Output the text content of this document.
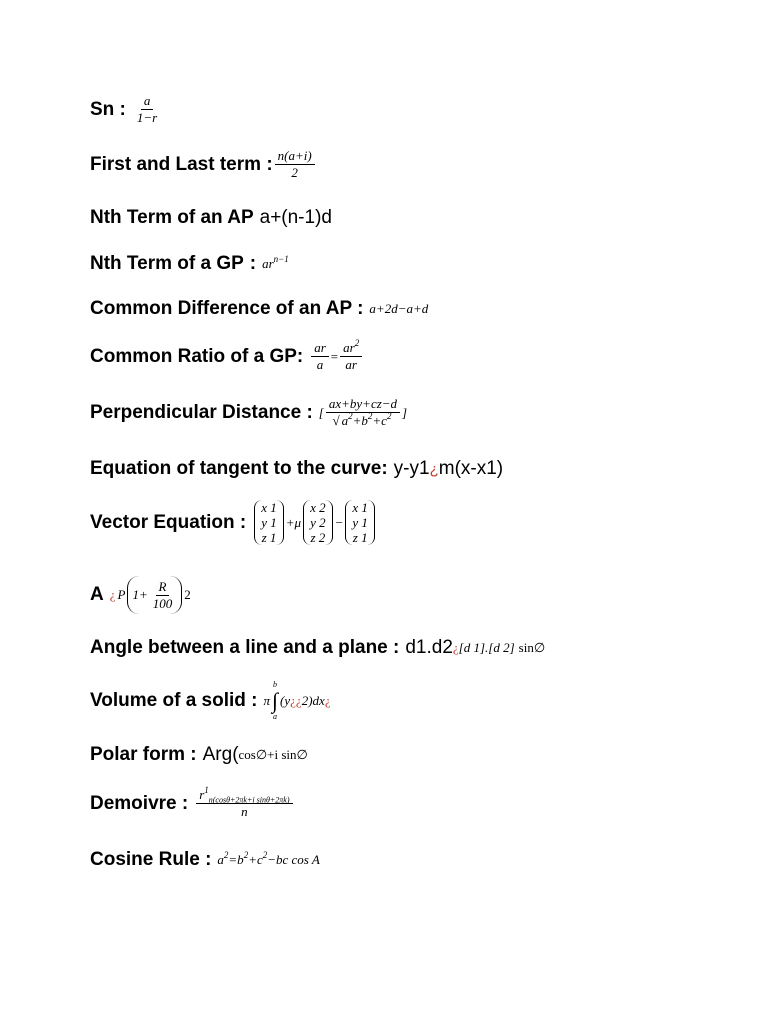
Sn : $\frac{a}{1-r}$
First and Last term : $\frac{n(a+i)}{2}$
Nth Term of an AP a+(n-1)d
Nth Term of a GP : $ar^{n-1}$
Common Difference of an AP : a+2d−a+d
Common Ratio of a GP: $\frac{ar}{a} = \frac{ar^2}{ar}$
Perpendicular Distance : [ $\frac{ax+by+cz-d}{√ a^2+b^2+c^2}$ ]
Equation of tangent to the curve: y-y1¿m(x-x1)
Vector Equation :
x 1
y 1
z 1
+μ
x 2
y 2
z 2
−
x 1
y 1
z 1
A ¿ P $1+ \frac{R}{100} 2$
Angle between a line and a plane : d1.d2 ¿ [d 1].[d 2] sin∅
Volume of a solid : π
b
∫
a
(y¿¿2)dx¿
Polar form : Arg( cos∅+i sin∅
Demoivre : $\frac{r^1_{n(cos\theta+2\pi k+i sin\theta+2\pi k)}}{n}$
Cosine Rule : $a^2=b^2+c^2-bc$ cos A
